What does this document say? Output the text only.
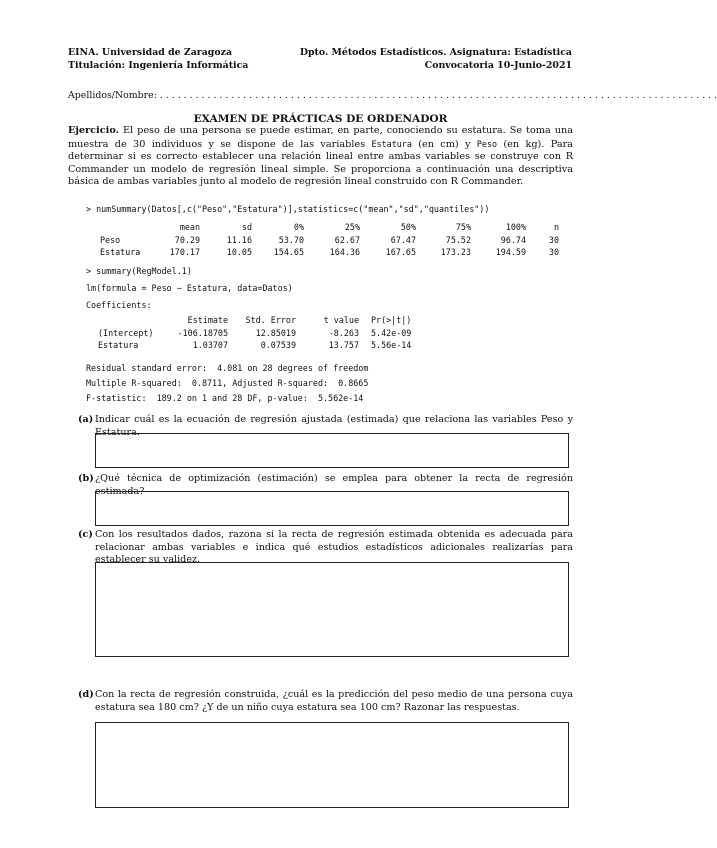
EINA. Universidad de Zaragoza	Dpto. Métodos Estadísticos. Asignatura: Estadística
Titulación: Ingeniería Informática	Convocatoria 10-Junio-2021
Apellidos/Nombre: . . . . . . . . . . . . . . . . . . . . . . . . . . . . . . . . . . . . . . . . . . . . . . . . . . . . . . . . . . . . . . . . . . . . . . . . . . . . . . . . . . . . . . . . . . . . . .
EXAMEN DE PRÁCTICAS DE ORDENADOR
Ejercicio. El peso de una persona se puede estimar, en parte, conociendo su estatura. Se toma una muestra de 30 individuos y se dispone de las variables Estatura (en cm) y Peso (en kg). Para determinar si es correcto establecer una relación lineal entre ambas variables se construye con R Commander un modelo de regresión lineal simple. Se proporciona a continuación una descriptiva básica de ambas variables junto al modelo de regresión lineal construido con R Commander.
> numSummary(Datos[,c("Peso","Estatura")],statistics=c("mean","sd","quantiles"))
	mean	sd	0%	25%	50%	75%	100%	n
Peso	70.29	11.16	53.70	62.67	67.47	75.52	96.74	30
Estatura	170.17	10.05	154.65	164.36	167.65	173.23	194.59	30
> summary(RegModel.1)
lm(formula = Peso ∼ Estatura, data=Datos)
Coefficients:
	Estimate	Std. Error	t value	Pr(>|t|)
(Intercept)	-106.18705	12.85019	-8.263	5.42e-09
Estatura	1.03707	0.07539	13.757	5.56e-14
Residual standard error:  4.081 on 28 degrees of freedom
Multiple R-squared:  0.8711, Adjusted R-squared:  0.8665
F-statistic:  189.2 on 1 and 28 DF, p-value:  5.562e-14
(a) Indicar cuál es la ecuación de regresión ajustada (estimada) que relaciona las variables Peso y Estatura.
(b) ¿Qué técnica de optimización (estimación) se emplea para obtener la recta de regresión estimada?
(c) Con los resultados dados, razona si la recta de regresión estimada obtenida es adecuada para relacionar ambas variables e indica qué estudios estadísticos adicionales realizarías para establecer su validez.
(d) Con la recta de regresión construida, ¿cuál es la predicción del peso medio de una persona cuya estatura sea 180 cm? ¿Y de un niño cuya estatura sea 100 cm? Razonar las respuestas.
